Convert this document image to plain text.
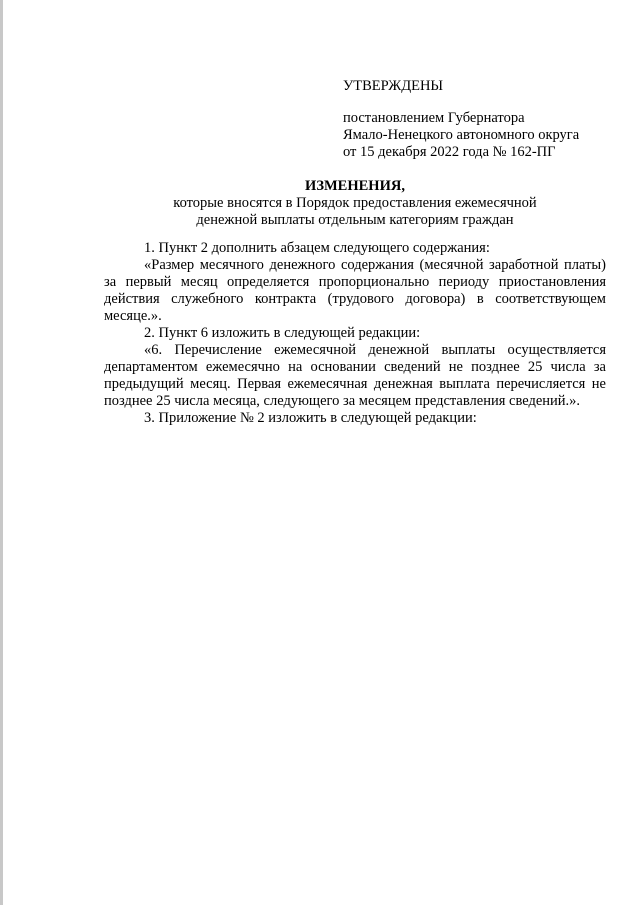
УТВЕРЖДЕНЫ
постановлением Губернатора
Ямало-Ненецкого автономного округа
от 15 декабря 2022 года № 162-ПГ
ИЗМЕНЕНИЯ,
которые вносятся в Порядок предоставления ежемесячной
денежной выплаты отдельным категориям граждан

1. Пункт 2 дополнить абзацем следующего содержания:

«Размер месячного денежного содержания (месячной заработной платы) за первый месяц определяется пропорционально периоду приостановления действия служебного контракта (трудового договора) в соответствующем месяце.».

2. Пункт 6 изложить в следующей редакции:

«6. Перечисление ежемесячной денежной выплаты осуществляется департаментом ежемесячно на основании сведений не позднее 25 числа за предыдущий месяц. Первая ежемесячная денежная выплата перечисляется не позднее 25 числа месяца, следующего за месяцем представления сведений.».

3. Приложение № 2 изложить в следующей редакции:
